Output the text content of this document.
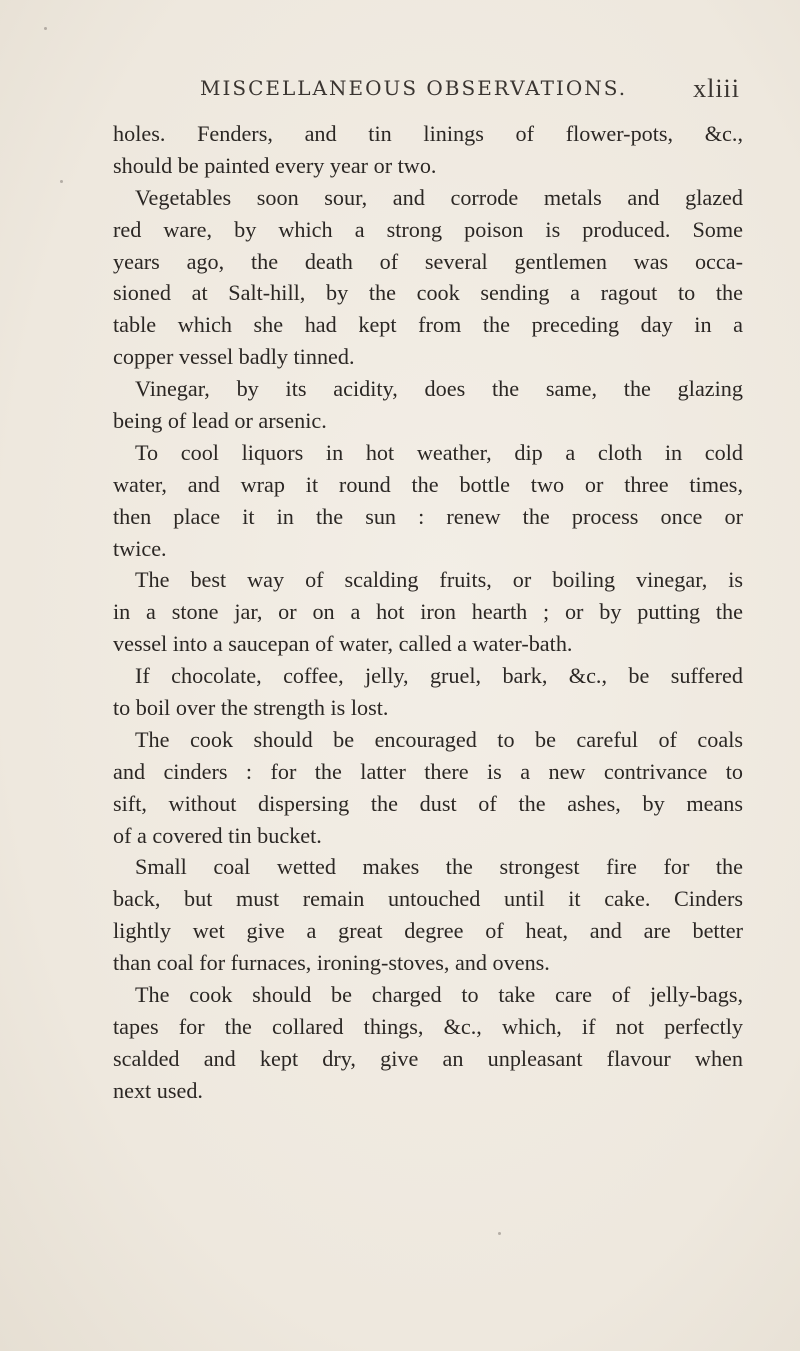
MISCELLANEOUS OBSERVATIONS.	xliii
holes. Fenders, and tin linings of flower-pots, &c.,
should be painted every year or two.
Vegetables soon sour, and corrode metals and glazed
red ware, by which a strong poison is produced. Some
years ago, the death of several gentlemen was occa-
sioned at Salt-hill, by the cook sending a ragout to the
table which she had kept from the preceding day in a
copper vessel badly tinned.
Vinegar, by its acidity, does the same, the glazing
being of lead or arsenic.
To cool liquors in hot weather, dip a cloth in cold
water, and wrap it round the bottle two or three times,
then place it in the sun : renew the process once or
twice.
The best way of scalding fruits, or boiling vinegar, is
in a stone jar, or on a hot iron hearth ; or by putting the
vessel into a saucepan of water, called a water-bath.
If chocolate, coffee, jelly, gruel, bark, &c., be suffered
to boil over the strength is lost.
The cook should be encouraged to be careful of coals
and cinders : for the latter there is a new contrivance to
sift, without dispersing the dust of the ashes, by means
of a covered tin bucket.
Small coal wetted makes the strongest fire for the
back, but must remain untouched until it cake. Cinders
lightly wet give a great degree of heat, and are better
than coal for furnaces, ironing-stoves, and ovens.
The cook should be charged to take care of jelly-bags,
tapes for the collared things, &c., which, if not perfectly
scalded and kept dry, give an unpleasant flavour when
next used.
